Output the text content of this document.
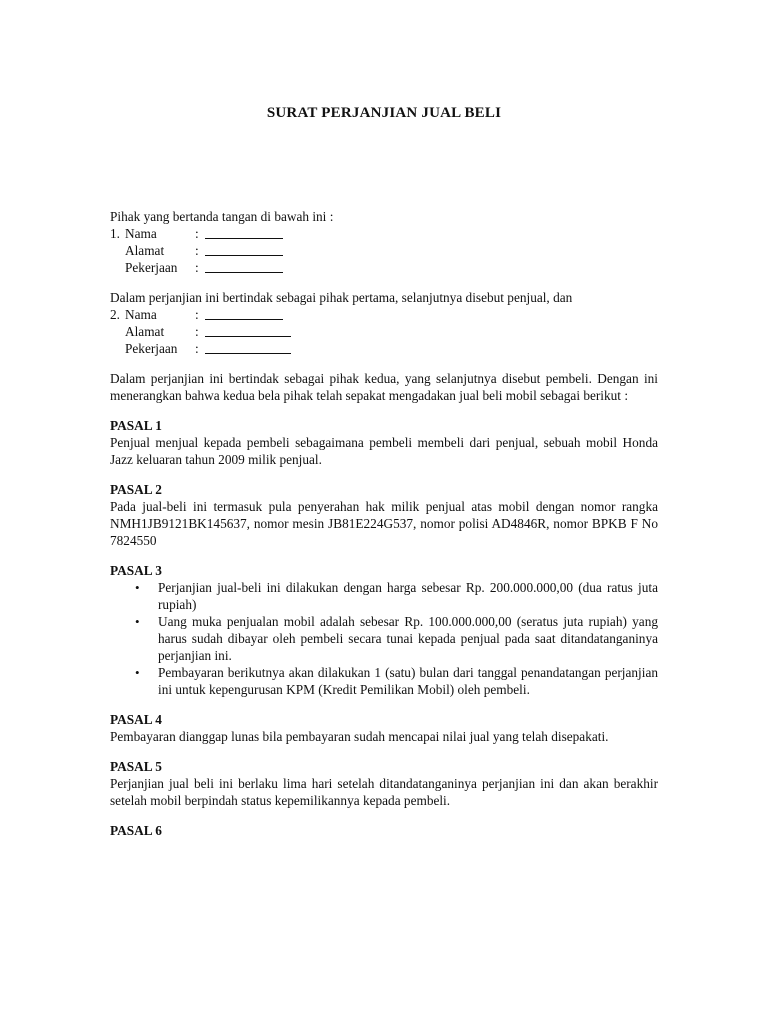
SURAT PERJANJIAN JUAL BELI

Pihak yang bertanda tangan di bawah ini :

1. Nama	:
Alamat	:
Pekerjaan	:

Dalam perjanjian ini bertindak sebagai pihak pertama, selanjutnya disebut penjual, dan

2. Nama	:
Alamat	:
Pekerjaan	:

Dalam perjanjian ini bertindak sebagai pihak kedua, yang selanjutnya disebut pembeli. Dengan ini menerangkan bahwa kedua bela pihak telah sepakat mengadakan jual beli mobil sebagai berikut :

PASAL 1

Penjual menjual kepada pembeli sebagaimana pembeli membeli dari penjual, sebuah mobil Honda Jazz keluaran tahun 2009 milik penjual.

PASAL 2

Pada jual-beli ini termasuk pula penyerahan hak milik penjual atas mobil dengan nomor rangka NMH1JB9121BK145637, nomor mesin JB81E224G537, nomor polisi AD4846R, nomor BPKB F No 7824550

PASAL 3

• Perjanjian jual-beli ini dilakukan dengan harga sebesar Rp. 200.000.000,00 (dua ratus juta rupiah)
• Uang muka penjualan mobil adalah sebesar Rp. 100.000.000,00 (seratus juta rupiah) yang harus sudah dibayar oleh pembeli secara tunai kepada penjual pada saat ditandatanganinya perjanjian ini.
• Pembayaran berikutnya akan dilakukan 1 (satu) bulan dari tanggal penandatangan perjanjian ini untuk kepengurusan KPM (Kredit Pemilikan Mobil) oleh pembeli.

PASAL 4

Pembayaran dianggap lunas bila pembayaran sudah mencapai nilai jual yang telah disepakati.

PASAL 5

Perjanjian jual beli ini berlaku lima hari setelah ditandatanganinya perjanjian ini dan akan berakhir setelah mobil berpindah status kepemilikannya kepada pembeli.

PASAL 6
